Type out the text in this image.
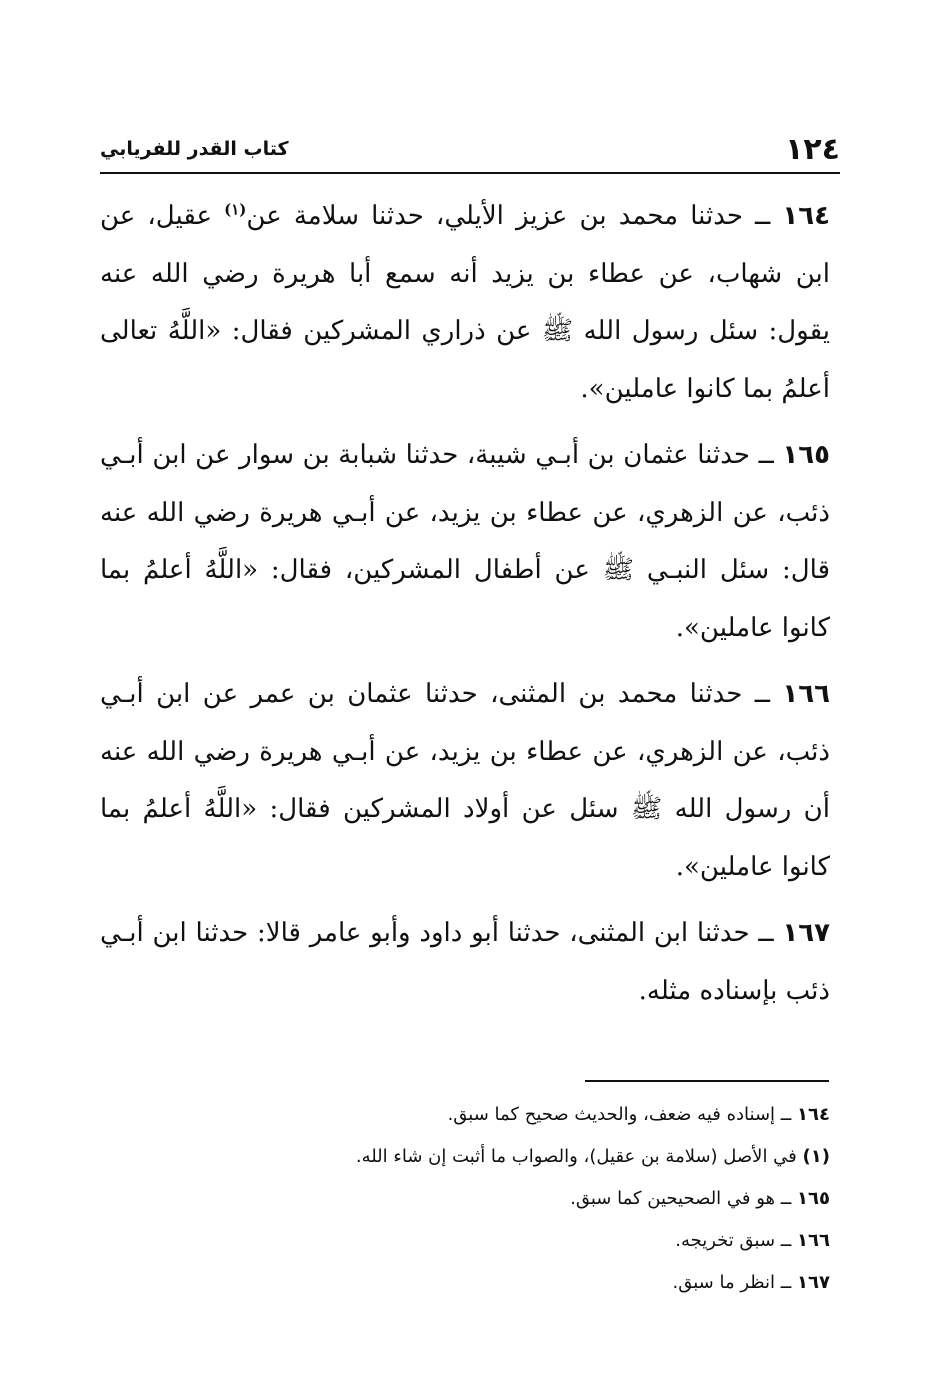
١٢٤
كتاب القدر للفريابي

١٦٤ ــ حدثنا محمد بن عزيز الأيلي، حدثنا سلامة عن$^{(١)}$ عقيل، عن ابن شهاب، عن عطاء بن يزيد أنه سمع أبا هريرة رضي الله عنه يقول: سئل رسول الله ﷺ عن ذراري المشركين فقال: «اللَّهُ تعالى أعلمُ بما كانوا عاملين».

١٦٥ ــ حدثنا عثمان بن أبـي شيبة، حدثنا شبابة بن سوار عن ابن أبـي ذئب، عن الزهري، عن عطاء بن يزيد، عن أبـي هريرة رضي الله عنه قال: سئل النبـي ﷺ عن أطفال المشركين، فقال: «اللَّهُ أعلمُ بما كانوا عاملين».

١٦٦ ــ حدثنا محمد بن المثنى، حدثنا عثمان بن عمر عن ابن أبـي ذئب، عن الزهري، عن عطاء بن يزيد، عن أبـي هريرة رضي الله عنه أن رسول الله ﷺ سئل عن أولاد المشركين فقال: «اللَّهُ أعلمُ بما كانوا عاملين».

١٦٧ ــ حدثنا ابن المثنى، حدثنا أبو داود وأبو عامر قالا: حدثنا ابن أبـي ذئب بإسناده مثله.

١٦٤ ــ إسناده فيه ضعف، والحديث صحيح كما سبق.
(١) في الأصل (سلامة بن عقيل)، والصواب ما أثبت إن شاء الله.
١٦٥ ــ هو في الصحيحين كما سبق.
١٦٦ ــ سبق تخريجه.
١٦٧ ــ انظر ما سبق.
